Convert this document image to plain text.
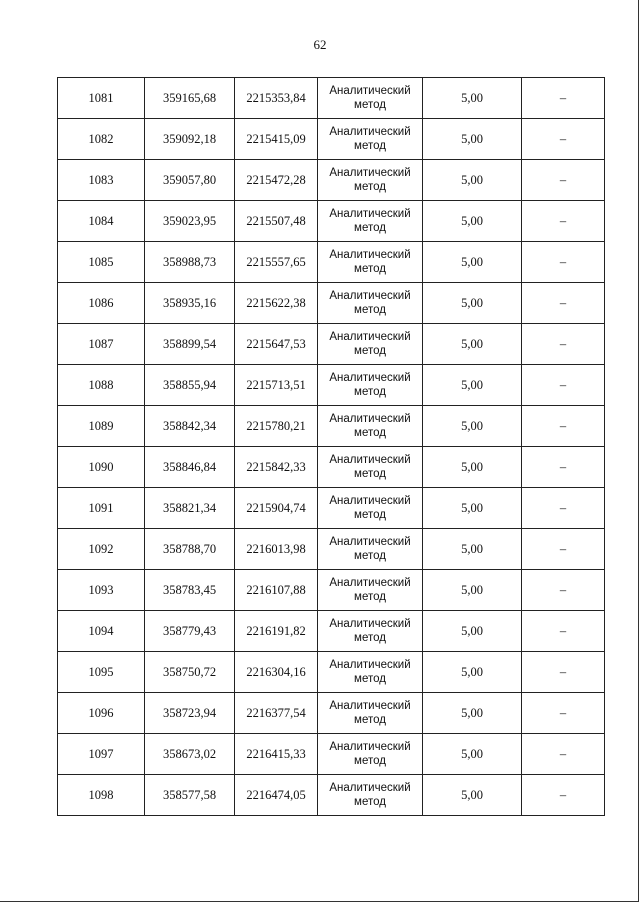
62
1081	359165,68	2215353,84	Аналитический метод	5,00	–
1082	359092,18	2215415,09	Аналитический метод	5,00	–
1083	359057,80	2215472,28	Аналитический метод	5,00	–
1084	359023,95	2215507,48	Аналитический метод	5,00	–
1085	358988,73	2215557,65	Аналитический метод	5,00	–
1086	358935,16	2215622,38	Аналитический метод	5,00	–
1087	358899,54	2215647,53	Аналитический метод	5,00	–
1088	358855,94	2215713,51	Аналитический метод	5,00	–
1089	358842,34	2215780,21	Аналитический метод	5,00	–
1090	358846,84	2215842,33	Аналитический метод	5,00	–
1091	358821,34	2215904,74	Аналитический метод	5,00	–
1092	358788,70	2216013,98	Аналитический метод	5,00	–
1093	358783,45	2216107,88	Аналитический метод	5,00	–
1094	358779,43	2216191,82	Аналитический метод	5,00	–
1095	358750,72	2216304,16	Аналитический метод	5,00	–
1096	358723,94	2216377,54	Аналитический метод	5,00	–
1097	358673,02	2216415,33	Аналитический метод	5,00	–
1098	358577,58	2216474,05	Аналитический метод	5,00	–
